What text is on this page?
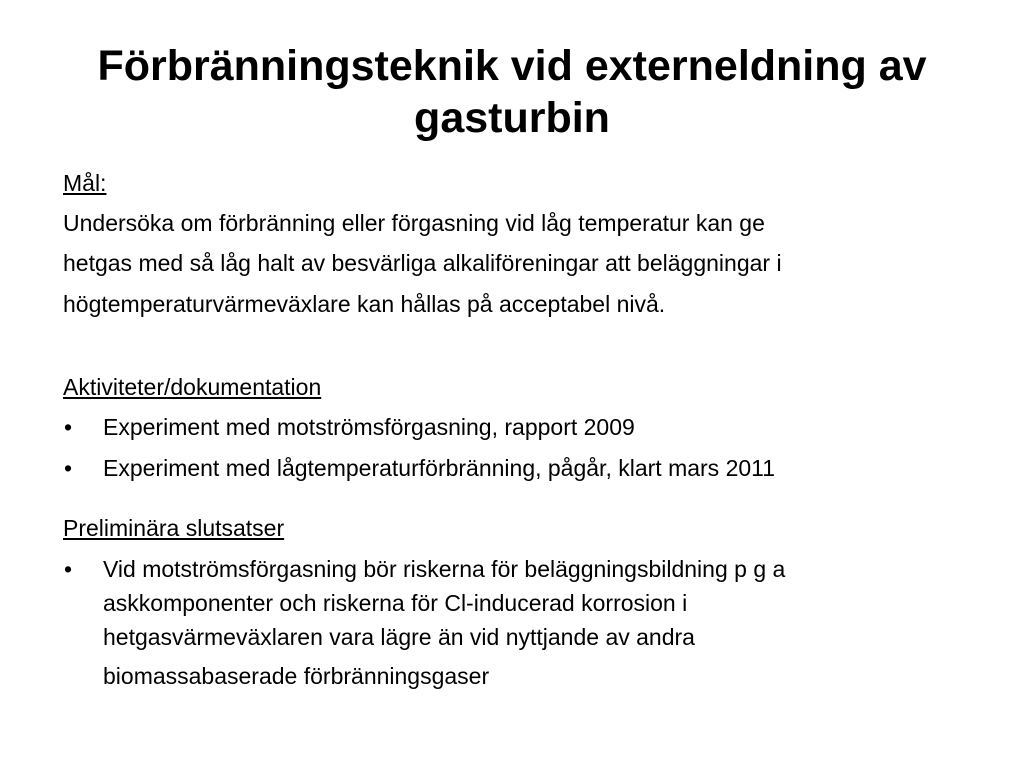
Förbränningsteknik vid externeldning av
gasturbin

Mål:

Undersöka om förbränning eller förgasning vid låg temperatur kan ge

hetgas med så låg halt av besvärliga alkaliföreningar att beläggningar i

högtemperaturvärmeväxlare kan hållas på acceptabel nivå.

Aktiviteter/dokumentation

• Experiment med motströmsförgasning, rapport 2009

• Experiment med lågtemperaturförbränning, pågår, klart mars 2011

Preliminära slutsatser

• Vid motströmsförgasning bör riskerna för beläggningsbildning p g a

askkomponenter och riskerna för Cl-inducerad korrosion i

hetgasvärmeväxlaren vara lägre än vid nyttjande av andra

biomassabaserade förbränningsgaser
